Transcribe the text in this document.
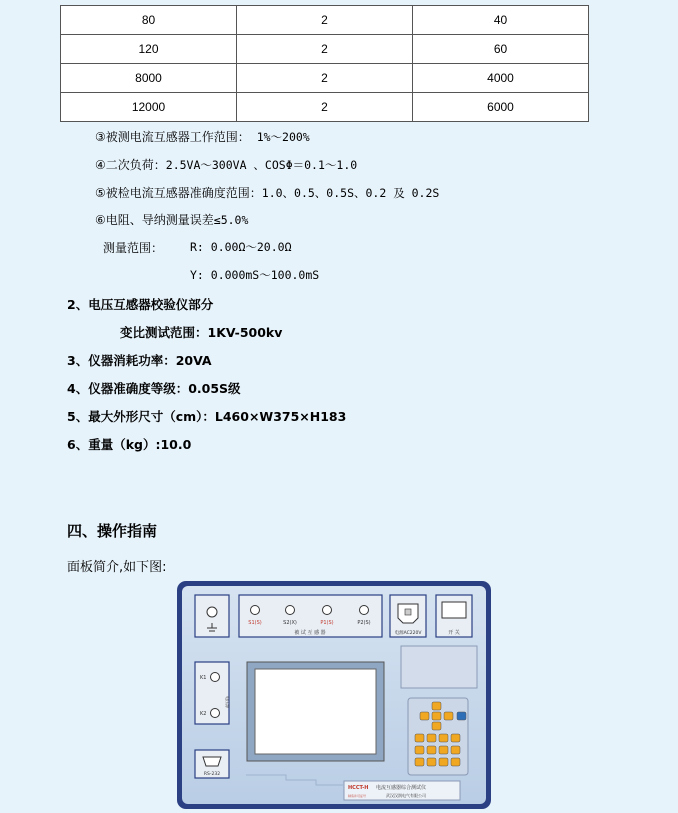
80	2	40
120	2	60
8000	2	4000
12000	2	6000
③被测电流互感器工作范围： 1%～200%
④二次负荷：2.5VA～300VA 、COSΦ＝0.1～1.0
⑤被检电流互感器准确度范围：1.0、0.5、0.5S、0.2 及 0.2S
⑥电阻、导纳测量误差≤5.0%
测量范围： R: 0.00Ω～20.0Ω
Y: 0.000mS～100.0mS
2、电压互感器校验仪部分
变比测试范围：1KV-500kv
3、仪器消耗功率：20VA
4、仪器准确度等级：0.05S级
5、最大外形尺寸（cm）：L460×W375×H183
6、重量（kg）:10.0
四、操作指南
面板简介,如下图:
S1(S)	S2(X)	P1(S)	P2(S)
被 试 互 感 器	电源AC220V	开 关
K1
K2
电压源
RS-232
HCCT-H 电流互感器综合测试仪
制造许可证号	武汉汉润电气有限公司
